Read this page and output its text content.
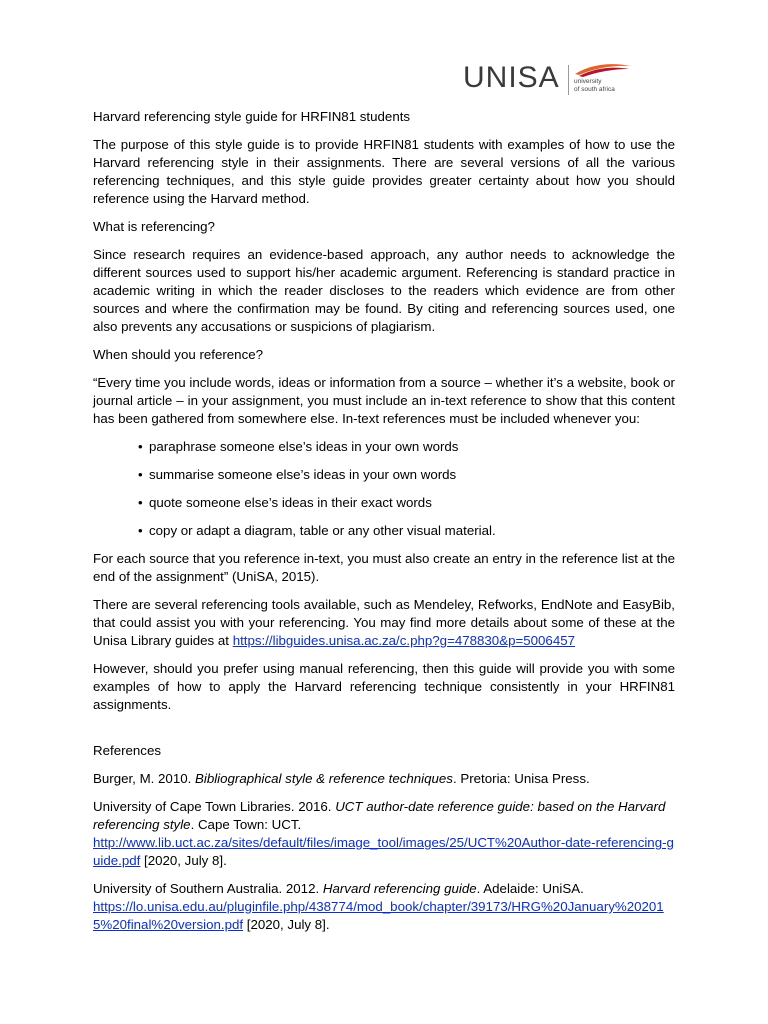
UNISA university
of south africa

Harvard referencing style guide for HRFIN81 students

The purpose of this style guide is to provide HRFIN81 students with examples of how to use the Harvard referencing style in their assignments. There are several versions of all the various referencing techniques, and this style guide provides greater certainty about how you should reference using the Harvard method.

What is referencing?

Since research requires an evidence-based approach, any author needs to acknowledge the different sources used to support his/her academic argument. Referencing is standard practice in academic writing in which the reader discloses to the readers which evidence are from other sources and where the confirmation may be found. By citing and referencing sources used, one also prevents any accusations or suspicions of plagiarism.

When should you reference?

“Every time you include words, ideas or information from a source – whether it’s a website, book or journal article – in your assignment, you must include an in-text reference to show that this content has been gathered from somewhere else. In-text references must be included whenever you:

• paraphrase someone else’s ideas in your own words
• summarise someone else’s ideas in your own words
• quote someone else’s ideas in their exact words
• copy or adapt a diagram, table or any other visual material.

For each source that you reference in-text, you must also create an entry in the reference list at the end of the assignment” (UniSA, 2015).

There are several referencing tools available, such as Mendeley, Refworks, EndNote and EasyBib, that could assist you with your referencing. You may find more details about some of these at the Unisa Library guides at https://libguides.unisa.ac.za/c.php?g=478830&p=5006457

However, should you prefer using manual referencing, then this guide will provide you with some examples of how to apply the Harvard referencing technique consistently in your HRFIN81 assignments.

References

Burger, M. 2010. Bibliographical style & reference techniques. Pretoria: Unisa Press.

University of Cape Town Libraries. 2016. UCT author-date reference guide: based on the Harvard referencing style. Cape Town: UCT.
http://www.lib.uct.ac.za/sites/default/files/image_tool/images/25/UCT%20Author-date-referencing-guide.pdf [2020, July 8].

University of Southern Australia. 2012. Harvard referencing guide. Adelaide: UniSA.
https://lo.unisa.edu.au/pluginfile.php/438774/mod_book/chapter/39173/HRG%20January%202015%20final%20version.pdf [2020, July 8].
